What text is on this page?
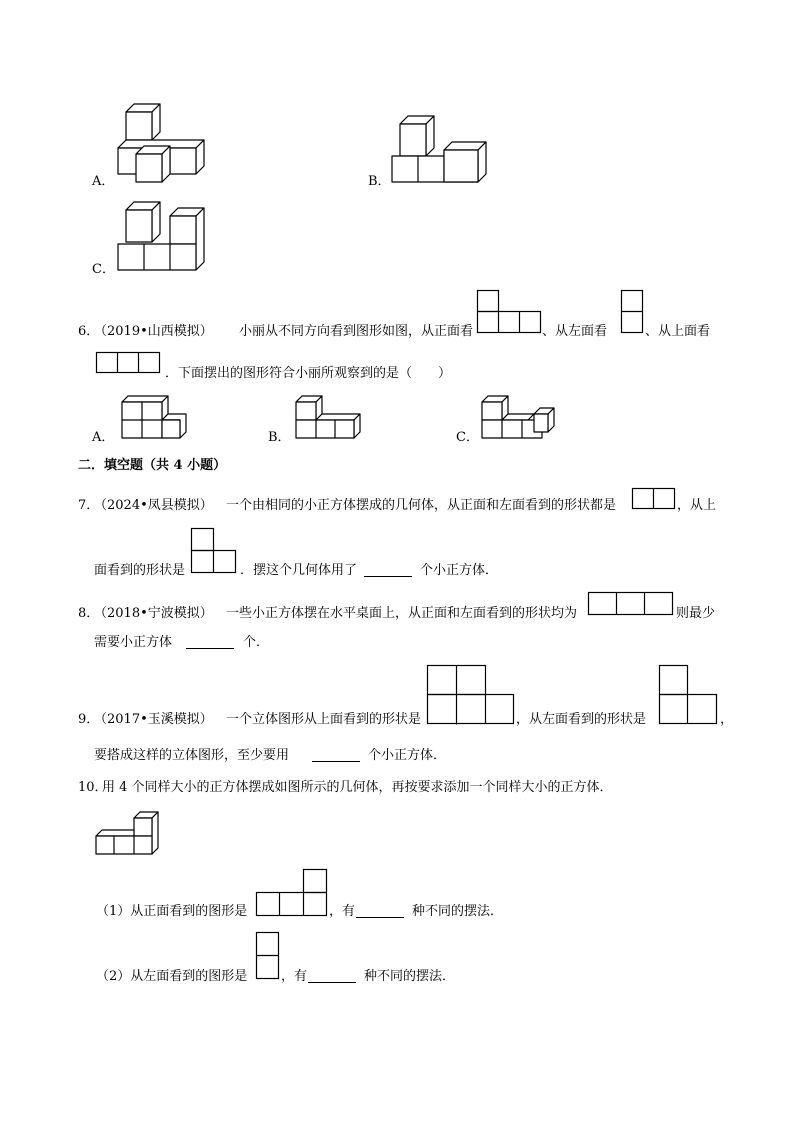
A．	B．
C．
6．
（2019•山西模拟） 小丽从不同方向看到图形如图，从正面看	、从左面看	、从上面看
．下面摆出的图形符合小丽所观察到的是（　　）
A．	B．	C．
二．填空题（共 4 小题）
7．
（2024•凤县模拟） 一个由相同的小正方体摆成的几何体，从正面和左面看到的形状都是	，从上
面看到的形状是	．摆这个几何体用了	个小正方体．
8．
（2018•宁波模拟） 一些小正方体摆在水平桌面上，从正面和左面看到的形状均为	则最少
需要小正方体	个．
9．
（2017•玉溪模拟） 一个立体图形从上面看到的形状是	，从左面看到的形状是	，
要搭成这样的立体图形，至少要用	个小正方体．
10．
用 4 个同样大小的正方体摆成如图所示的几何体，再按要求添加一个同样大小的正方体．
（1）从正面看到的图形是	，有	种不同的摆法．
（2）从左面看到的图形是	，有	种不同的摆法．
